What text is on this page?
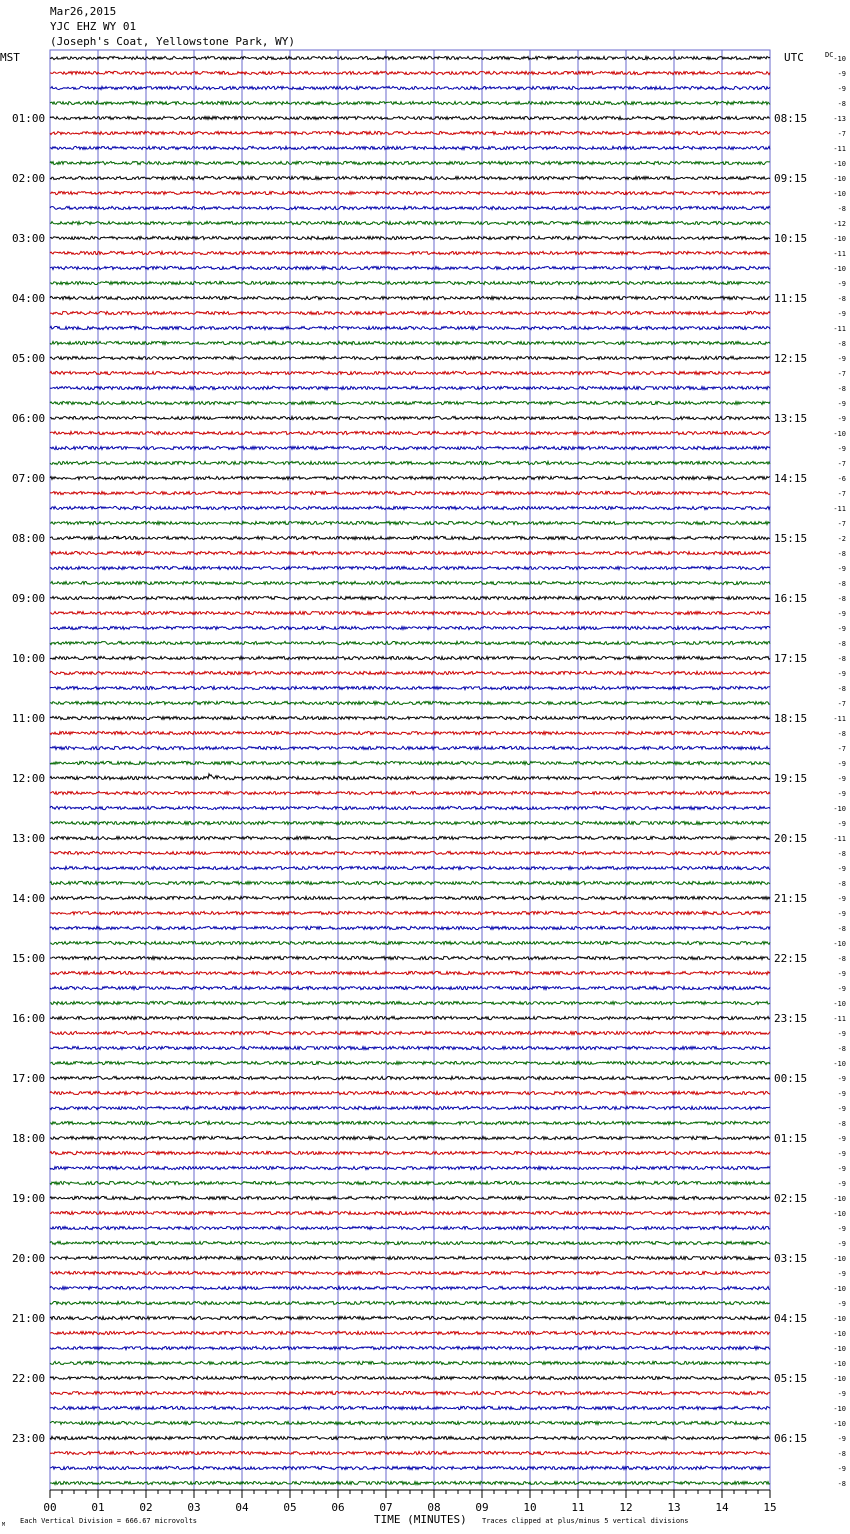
Mar26,2015
YJC EHZ WY 01
(Joseph's Coat, Yellowstone Park, WY)
01:00
02:00
03:00
04:00
05:00
06:00
07:00
08:00
09:00
10:00
11:00
12:00
13:00
14:00
15:00
16:00
17:00
18:00
19:00
20:00
21:00
22:00
23:00
08:15
09:15
10:15
11:15
12:15
13:15
14:15
15:15
16:15
17:15
18:15
19:15
20:15
21:15
22:15
23:15
00:15
01:15
02:15
03:15
04:15
05:15
06:15
-10
-9
-9
-8
-13
-7
-11
-10
-10
-10
-8
-12
-10
-11
-10
-9
-8
-9
-11
-8
-9
-7
-8
-9
-9
-10
-9
-7
-6
-7
-11
-7
-2
-8
-9
-8
-8
-9
-9
-8
-8
-9
-8
-7
-11
-8
-7
-9
-9
-9
-10
-9
-11
-8
-9
-8
-9
-9
-8
-10
-8
-9
-9
-10
-11
-9
-8
-10
-9
-9
-9
-8
-9
-9
-9
-9
-10
-10
-9
-9
-10
-9
-10
-9
-10
-10
-10
-10
-10
-9
-10
-10
-9
-8
-9
-8
00	01	02	03	04	05	06	07	08	09	10	11	12	13	14	15
MST	UTC	DC
TIME (MINUTES)
Each Vertical Division = 666.67 microvolts	Traces clipped at plus/minus 5 vertical divisions
M
